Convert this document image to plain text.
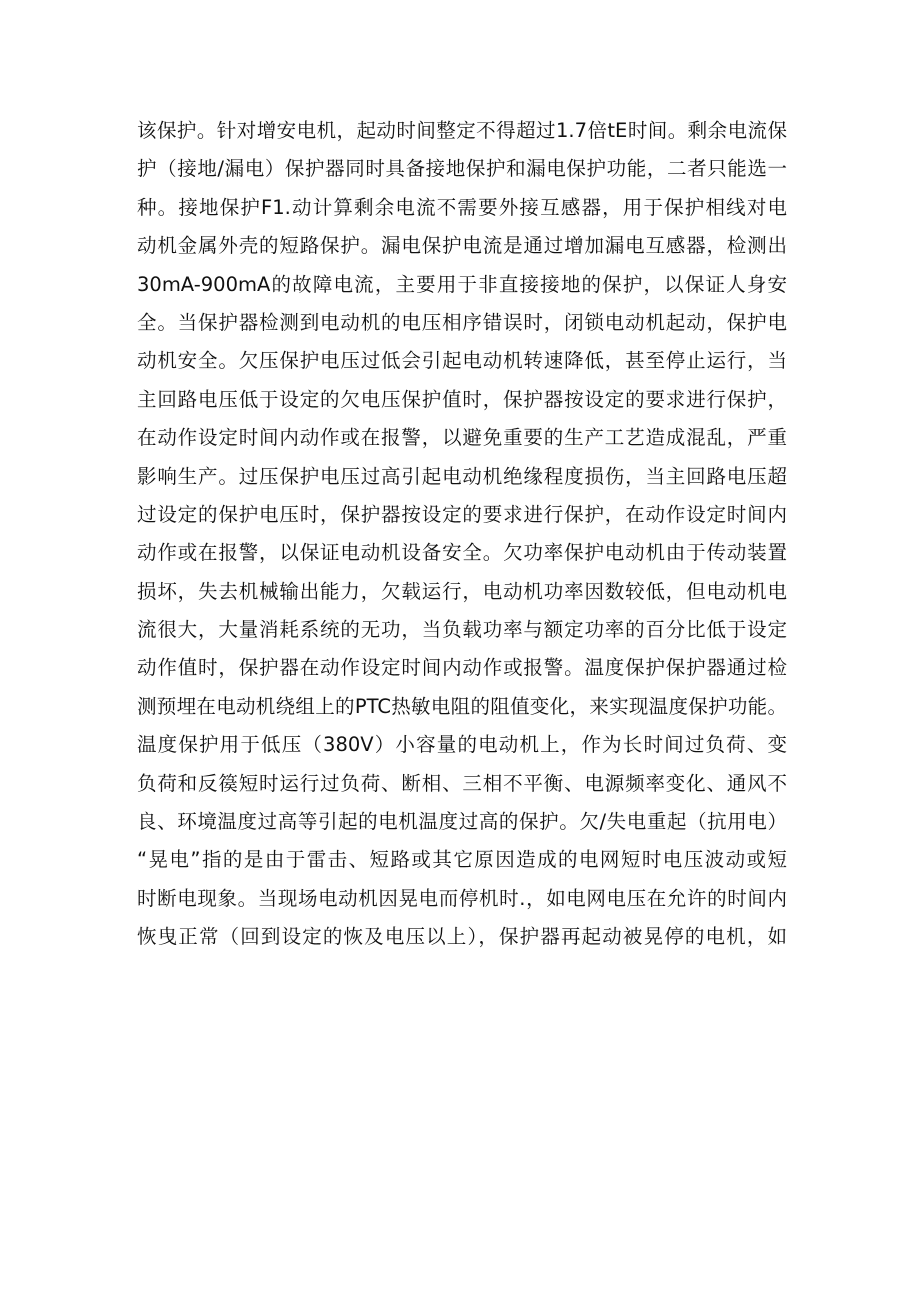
该保护。针对增安电机，起动时间整定不得超过1.7倍tE时间。剩余电流保
护（接地/漏电）保护器同时具备接地保护和漏电保护功能，二者只能选一
种。接地保护F1.动计算剩余电流不需要外接互感器，用于保护相线对电
动机金属外壳的短路保护。漏电保护电流是通过增加漏电互感器，检测出
30mA-900mA的故障电流，主要用于非直接接地的保护，以保证人身安
全。当保护器检测到电动机的电压相序错误时，闭锁电动机起动，保护电
动机安全。欠压保护电压过低会引起电动机转速降低，甚至停止运行，当
主回路电压低于设定的欠电压保护值时，保护器按设定的要求进行保护，
在动作设定时间内动作或在报警，以避免重要的生产工艺造成混乱，严重
影响生产。过压保护电压过高引起电动机绝缘程度损伤，当主回路电压超
过设定的保护电压时，保护器按设定的要求进行保护，在动作设定时间内
动作或在报警，以保证电动机设备安全。欠功率保护电动机由于传动装置
损坏，失去机械输出能力，欠载运行，电动机功率因数较低，但电动机电
流很大，大量消耗系统的无功，当负载功率与额定功率的百分比低于设定
动作值时，保护器在动作设定时间内动作或报警。温度保护保护器通过检
测预埋在电动机绕组上的PTC热敏电阻的阻值变化，来实现温度保护功能。
温度保护用于低压（380V）小容量的电动机上，作为长时间过负荷、变
负荷和反篌短时运行过负荷、断相、三相不平衡、电源频率变化、通风不
良、环境温度过高等引起的电机温度过高的保护。欠/失电重起（抗用电）
“晃电”指的是由于雷击、短路或其它原因造成的电网短时电压波动或短
时断电现象。当现场电动机因晃电而停机时.，如电网电压在允许的时间内
恢曳正常（回到设定的恢及电压以上），保护器再起动被晃停的电机，如
